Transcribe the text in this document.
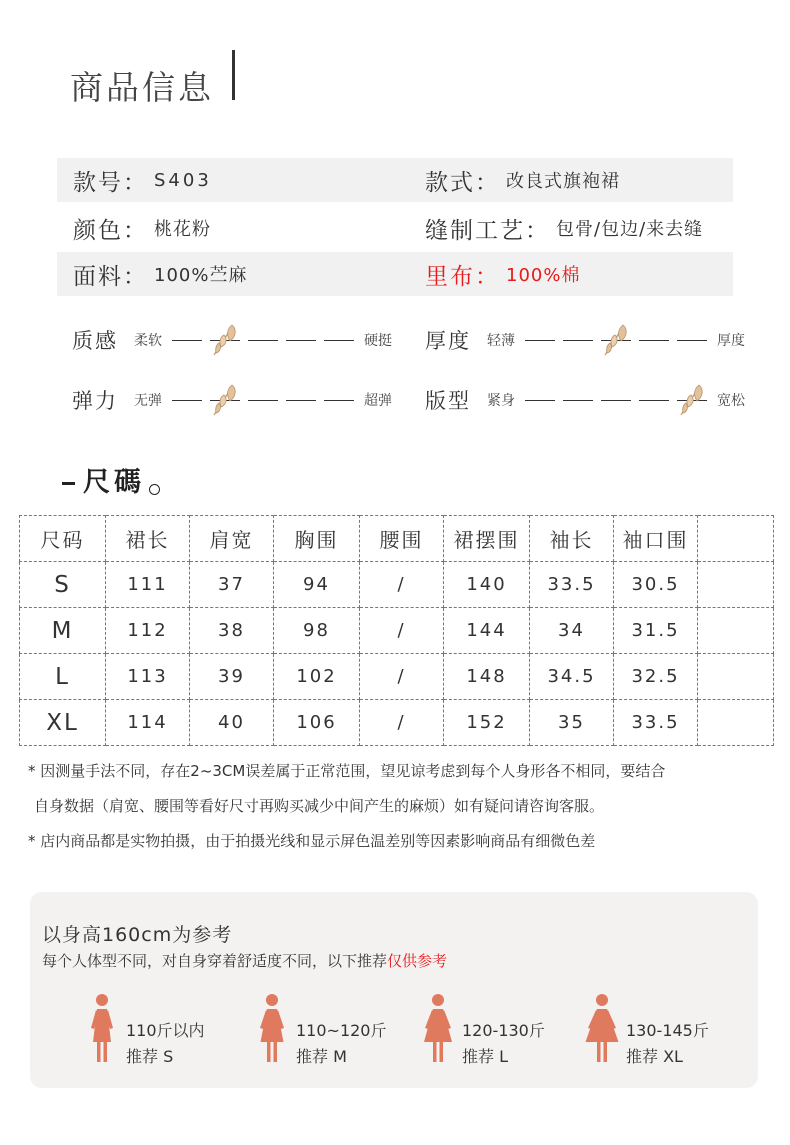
商品信息
款号： S403	款式： 改良式旗袍裙
颜色： 桃花粉	缝制工艺： 包骨/包边/来去缝
面料： 100%苎麻	里布： 100%棉
质感	柔软	硬挺 厚度	轻薄	厚度
弹力	无弹	超弹 版型	紧身	宽松
尺碼
尺码	裙长	肩宽	胸围	腰围	裙摆围	袖长	袖口围	
S	111	37	94	/	140	33.5	30.5	
M	112	38	98	/	144	34	31.5	
L	113	39	102	/	148	34.5	32.5	
XL	114	40	106	/	152	35	33.5	
* 因测量手法不同，存在2~3CM误差属于正常范围，望见谅考虑到每个人身形各不相同，要结合
自身数据（肩宽、腰围等看好尺寸再购买减少中间产生的麻烦）如有疑问请咨询客服。
* 店内商品都是实物拍摄，由于拍摄光线和显示屏色温差别等因素影响商品有细微色差
以身高160cm为参考
每个人体型不同，对自身穿着舒适度不同，以下推荐仅供参考
110斤以内
推荐 S
110~120斤
推荐 M
120-130斤
推荐 L
130-145斤
推荐 XL
